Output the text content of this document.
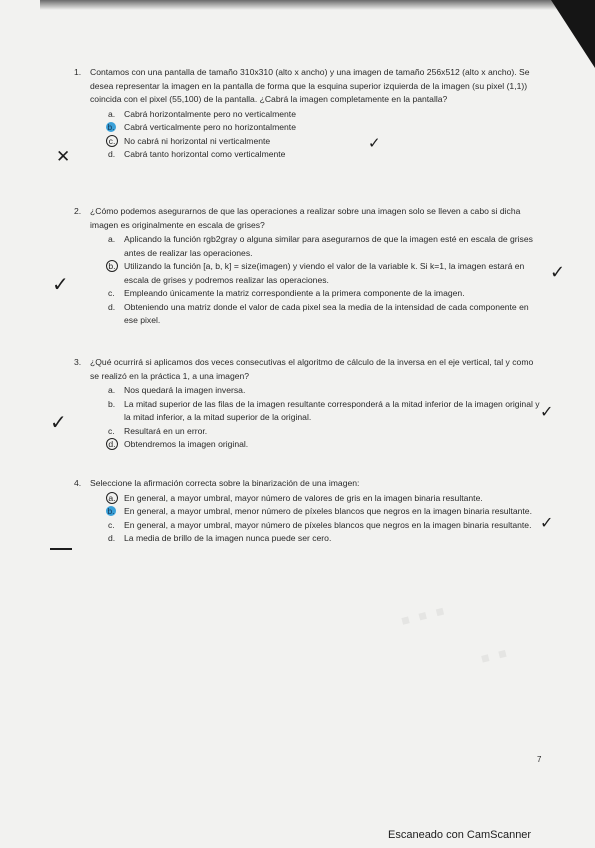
▪ ▪ ▪
▪ ▪
1.	Contamos con una pantalla de tamaño 310x310 (alto x ancho) y una imagen de tamaño 256x512 (alto x ancho). Se desea representar la imagen en la pantalla de forma que la esquina superior izquierda de la imagen (su pixel (1,1)) coincida con el pixel (55,100) de la pantalla. ¿Cabrá la imagen completamente en la pantalla?
a.	Cabrá horizontalmente pero no verticalmente
b.	Cabrá verticalmente pero no horizontalmente
c.	No cabrá ni horizontal ni verticalmente
d.	Cabrá tanto horizontal como verticalmente
2.	¿Cómo podemos asegurarnos de que las operaciones a realizar sobre una imagen solo se lleven a cabo si dicha imagen es originalmente en escala de grises?
a.	Aplicando la función rgb2gray o alguna similar para asegurarnos de que la imagen esté en escala de grises antes de realizar las operaciones.
b. Utilizando la función [a, b, k] = size(imagen) y viendo el valor de la variable k. Si k=1, la imagen estará en escala de grises y podremos realizar las operaciones.
c.	Empleando únicamente la matriz correspondiente a la primera componente de la imagen.
d.	Obteniendo una matriz donde el valor de cada pixel sea la media de la intensidad de cada componente en ese pixel.
3.	¿Qué ocurrirá si aplicamos dos veces consecutivas el algoritmo de cálculo de la inversa en el eje vertical, tal y como se realizó en la práctica 1, a una imagen?
a.	Nos quedará la imagen inversa.
b.	La mitad superior de las filas de la imagen resultante corresponderá a la mitad inferior de la imagen original y la mitad inferior, a la mitad superior de la original.
c.	Resultará en un error.
d. Obtendremos la imagen original.
4.	Seleccione la afirmación correcta sobre la binarización de una imagen:
a. En general, a mayor umbral, mayor número de valores de gris en la imagen binaria resultante.
b.	En general, a mayor umbral, menor número de píxeles blancos que negros en la imagen binaria resultante.
c.	En general, a mayor umbral, mayor número de píxeles blancos que negros en la imagen binaria resultante.
d.	La media de brillo de la imagen nunca puede ser cero.
✕
✓
✓	✓
✓	✓
✓
7
Escaneado con CamScanner
